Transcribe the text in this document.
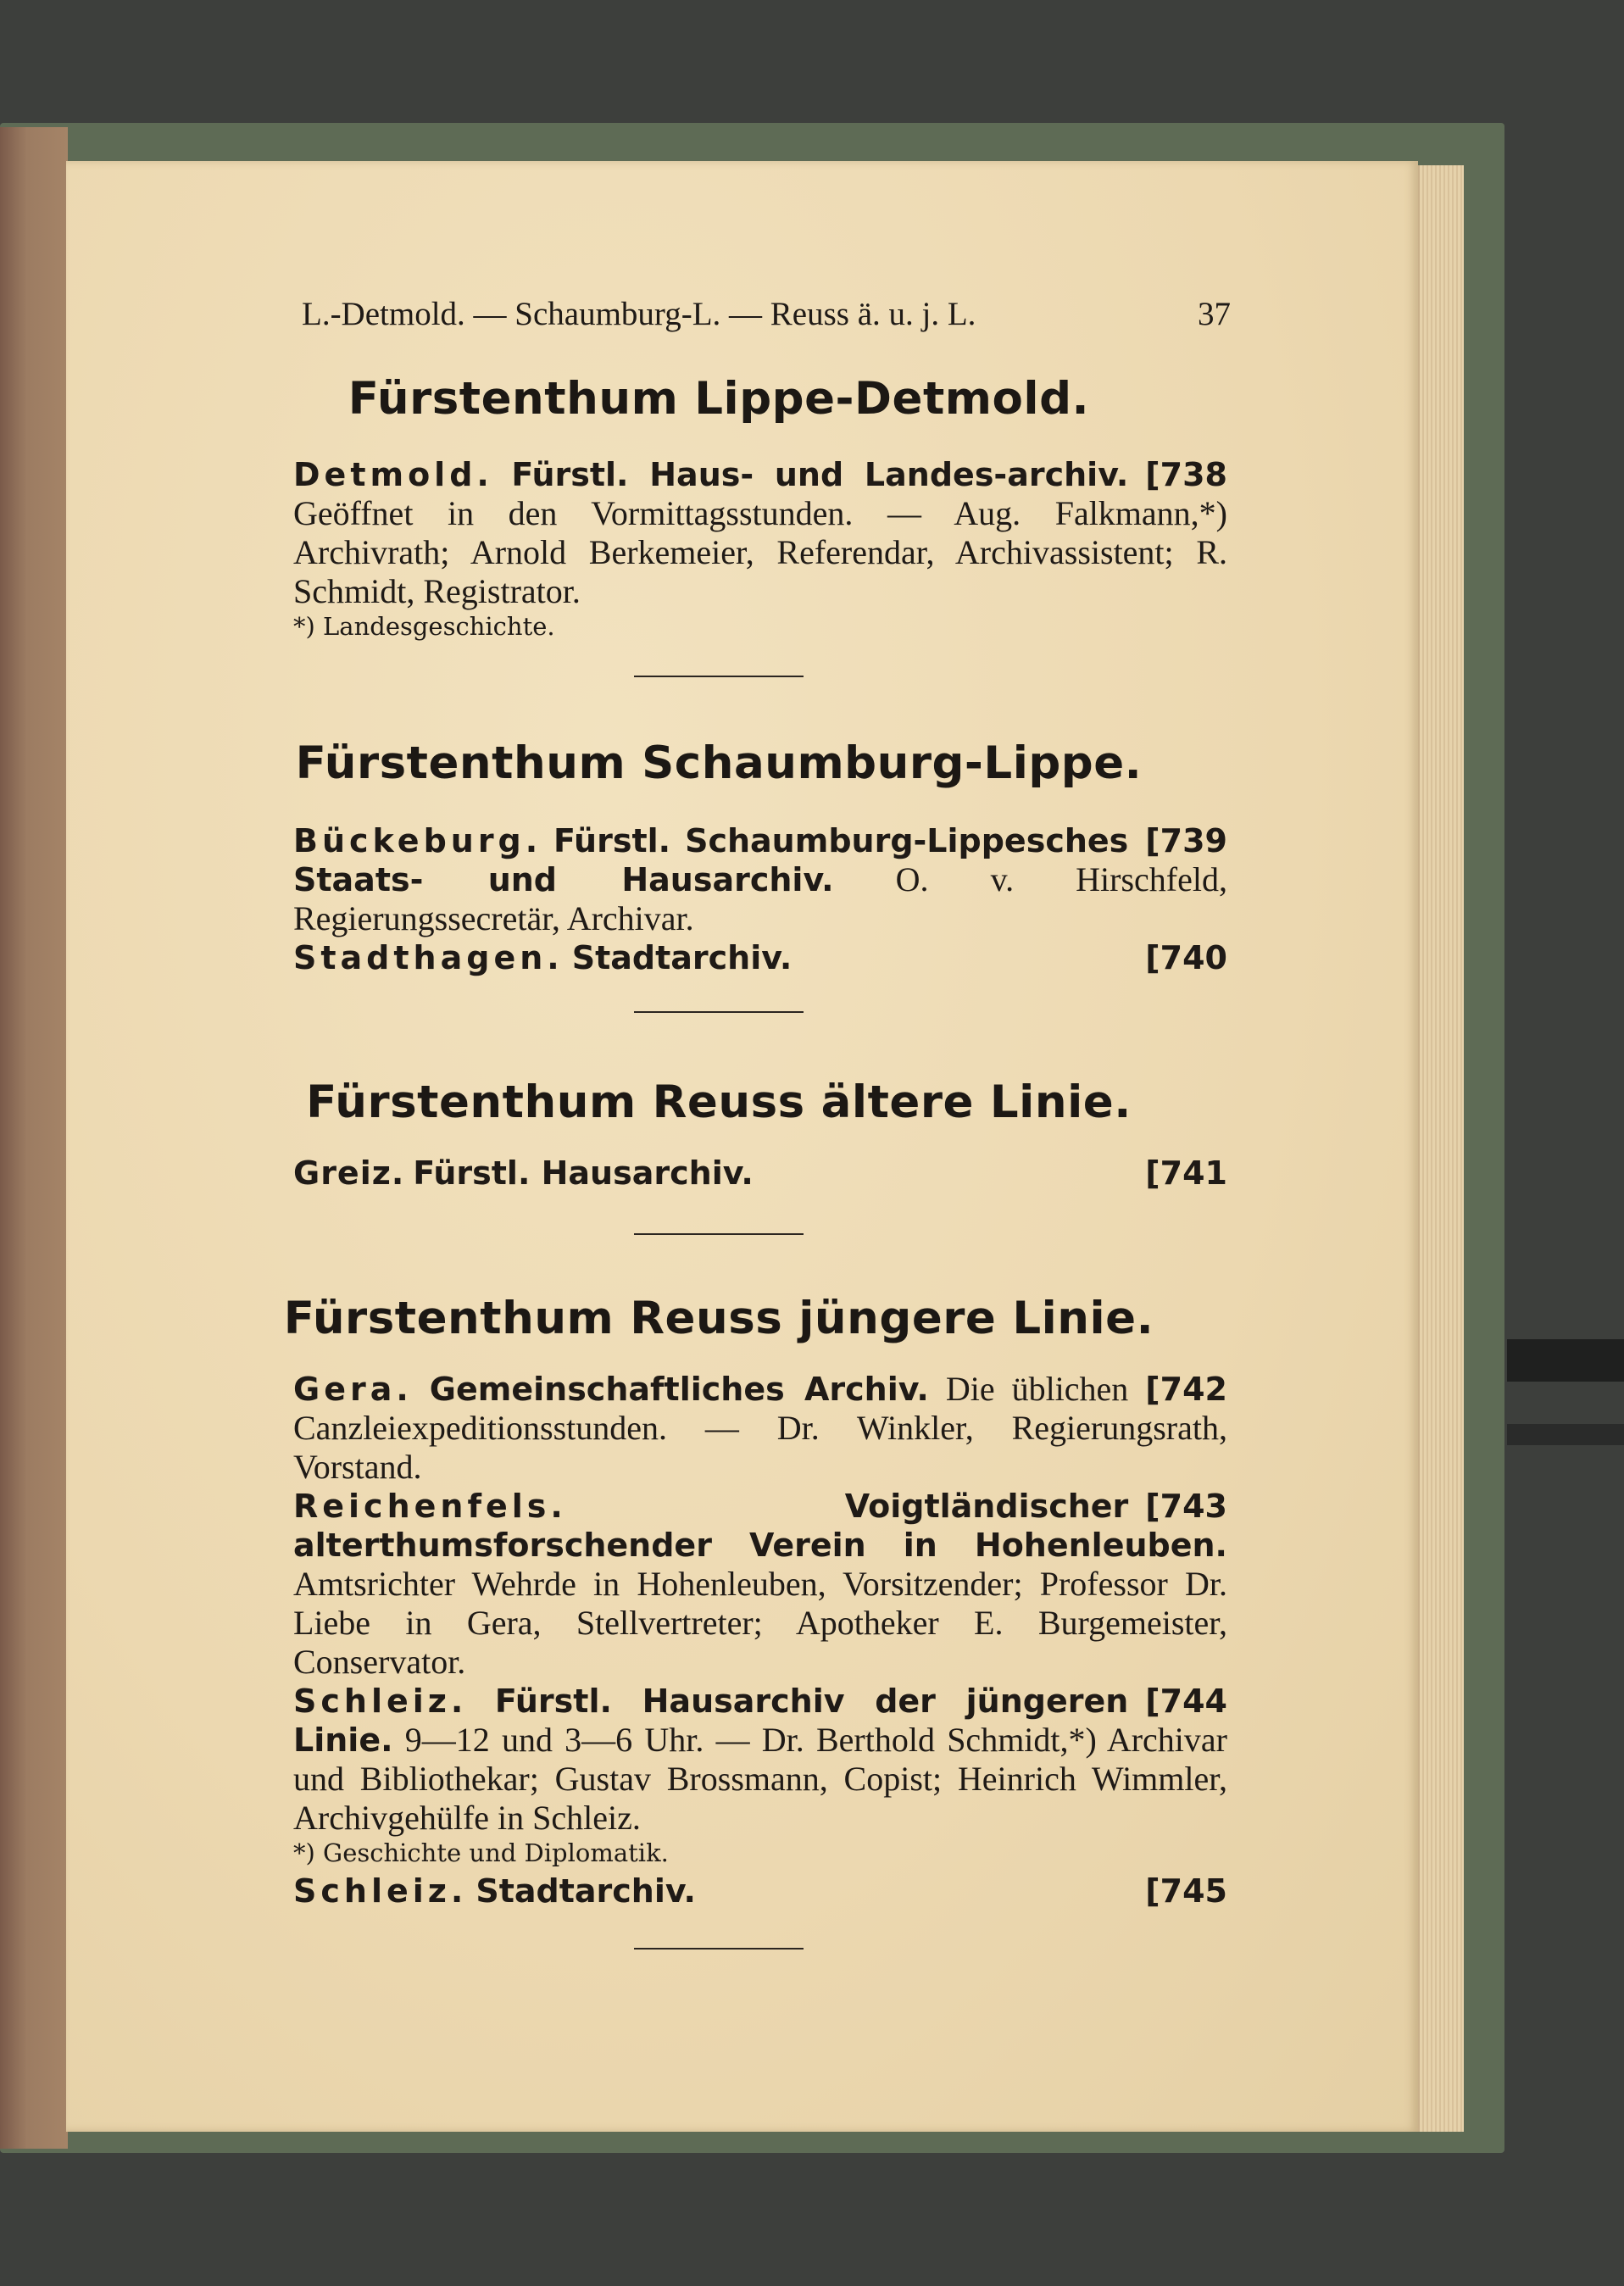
L.-Detmold. — Schaumburg-L. — Reuss ä. u. j. L.	37
Fürstenthum Lippe-Detmold.
[738
Detmold. Fürstl. Haus- und Landes-archiv. Geöffnet in den Vormittagsstunden. — Aug. Falkmann,*) Archivrath; Arnold Berkemeier, Referendar, Archivassistent; R. Schmidt, Registrator.
*) Landesgeschichte.
Fürstenthum Schaumburg-Lippe.
[739
Bückeburg. Fürstl. Schaumburg-Lippesches Staats- und Hausarchiv. O. v. Hirschfeld, Regierungssecretär, Archivar.
[740
Stadthagen. Stadtarchiv.
Fürstenthum Reuss ältere Linie.
[741
Greiz. Fürstl. Hausarchiv.
Fürstenthum Reuss jüngere Linie.
[742
Gera. Gemeinschaftliches Archiv. Die üblichen Canzleiexpeditionsstunden. — Dr. Winkler, Regierungsrath, Vorstand.
[743
Reichenfels.	Voigtländischer alterthumsforschender Verein in Hohenleuben. Amtsrichter Wehrde in Hohenleuben, Vorsitzender; Professor Dr. Liebe in Gera, Stellvertreter; Apotheker E. Burgemeister, Conservator.
[744
Schleiz. Fürstl. Hausarchiv der jüngeren Linie. 9—12 und 3—6 Uhr. — Dr. Berthold Schmidt,*) Archivar und Bibliothekar; Gustav Brossmann, Copist; Heinrich Wimmler, Archivgehülfe in Schleiz.
*) Geschichte und Diplomatik.
[745
Schleiz. Stadtarchiv.
